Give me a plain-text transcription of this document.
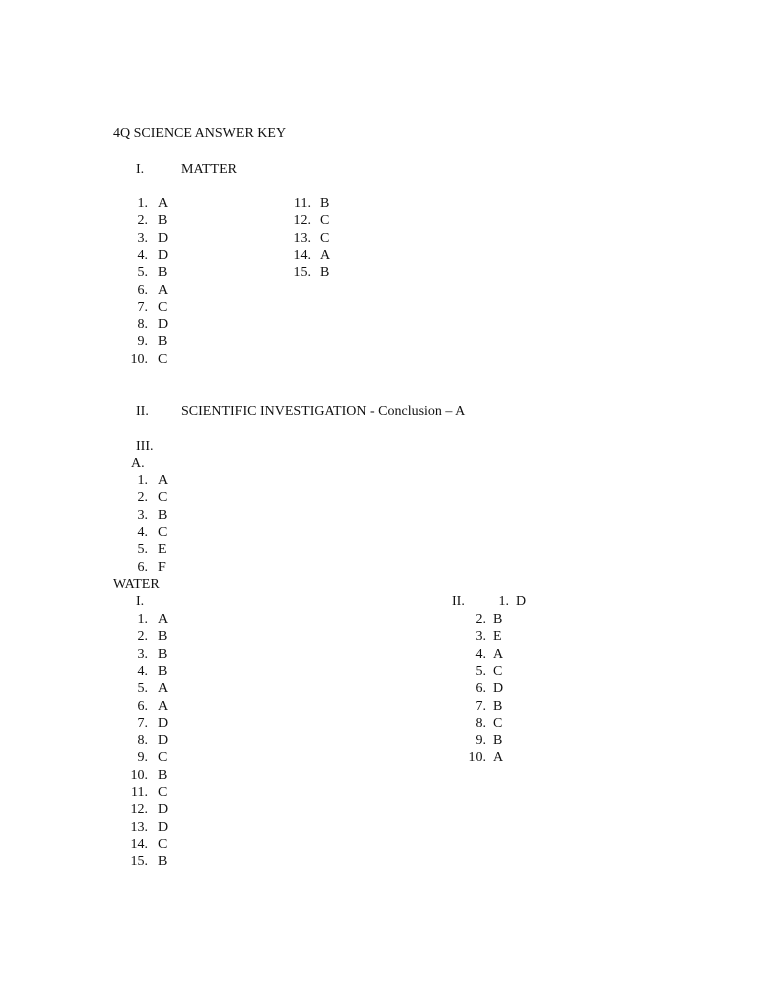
4Q SCIENCE ANSWER KEY
I.	MATTER
1. A
2. B
3. D
4. D
5. B
6. A
7. C
8. D
9. B
10. C
11. B
12. C
13. C
14. A
15. B
II. SCIENTIFIC INVESTIGATION - Conclusion – A
III.
A.
1. A
2. C
3. B
4. C
5. E
6. F
WATER
I.
1. A
2. B
3. B
4. B
5. A
6. A
7. D
8. D
9. C
10. B
11. C
12. D
13. D
14. C
15. B
II.	1. D
2. B
3. E
4. A
5. C
6. D
7. B
8. C
9. B
10. A
